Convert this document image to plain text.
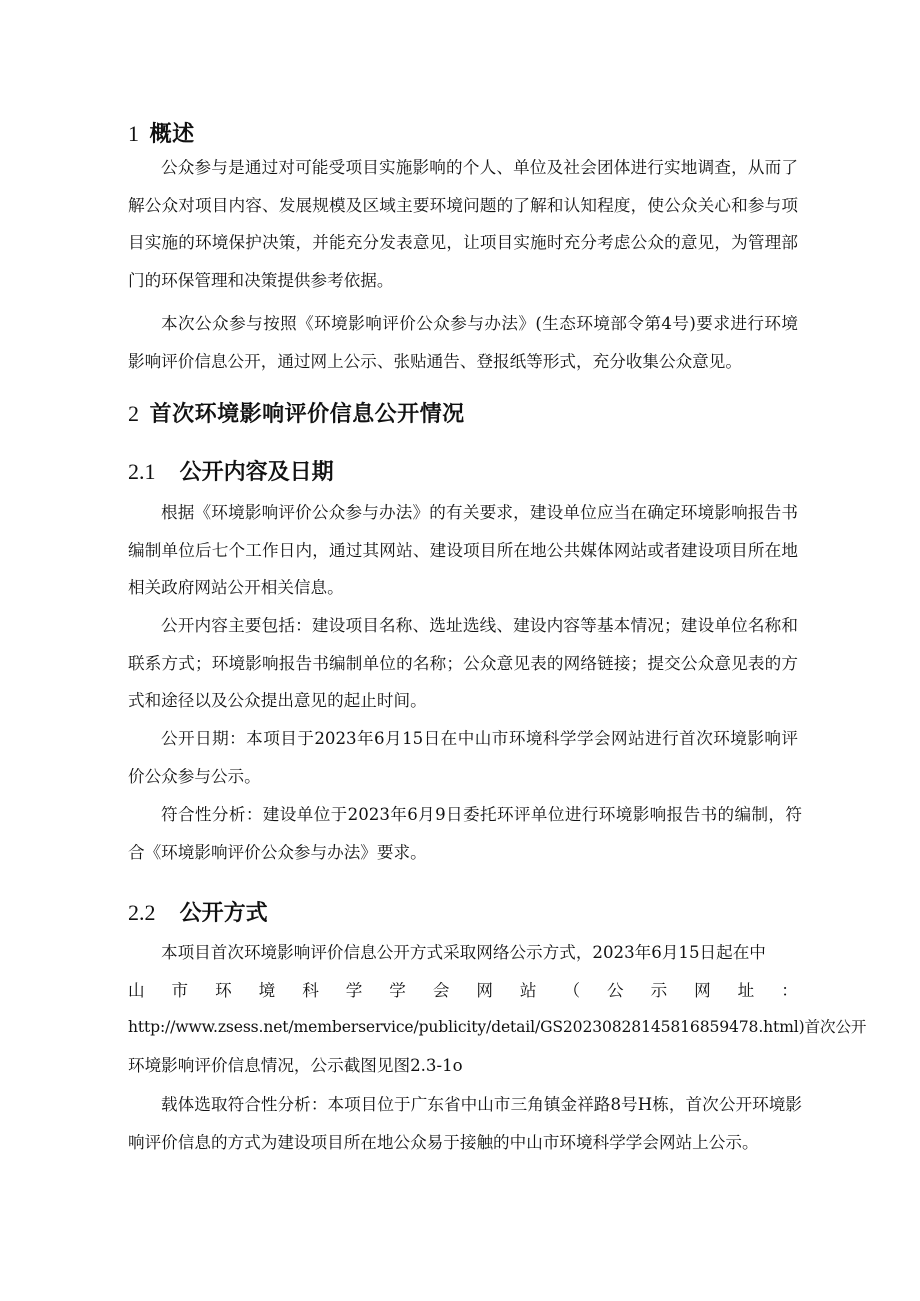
1 概述

公众参与是通过对可能受项目实施影响的个人、单位及社会团体进行实地调查，从而了解公众对项目内容、发展规模及区域主要环境问题的了解和认知程度，使公众关心和参与项目实施的环境保护决策，并能充分发表意见，让项目实施时充分考虑公众的意见，为管理部门的环保管理和决策提供参考依据。

本次公众参与按照《环境影响评价公众参与办法》(生态环境部令第4号)要求进行环境影响评价信息公开，通过网上公示、张贴通告、登报纸等形式，充分收集公众意见。

2 首次环境影响评价信息公开情况
2.1 公开内容及日期

根据《环境影响评价公众参与办法》的有关要求，建设单位应当在确定环境影响报告书编制单位后七个工作日内，通过其网站、建设项目所在地公共媒体网站或者建设项目所在地相关政府网站公开相关信息。

公开内容主要包括：建设项目名称、选址选线、建设内容等基本情况；建设单位名称和联系方式；环境影响报告书编制单位的名称；公众意见表的网络链接；提交公众意见表的方式和途径以及公众提出意见的起止时间。

公开日期：本项目于2023年6月15日在中山市环境科学学会网站进行首次环境影响评价公众参与公示。

符合性分析：建设单位于2023年6月9日委托环评单位进行环境影响报告书的编制，符合《环境影响评价公众参与办法》要求。

2.2 公开方式
本项目首次环境影响评价信息公开方式采取网络公示方式，2023年6月15日起在中
山 市 环 境 科 学 学 会 网 站 （ 公 示 网 址 ：
http://www.zsess.net/memberservice/publicity/detail/GS20230828145816859478.html)首次公开
环境影响评价信息情况，公示截图见图2.3-1o

载体选取符合性分析：本项目位于广东省中山市三角镇金祥路8号H栋，首次公开环境影响评价信息的方式为建设项目所在地公众易于接触的中山市环境科学学会网站上公示。
